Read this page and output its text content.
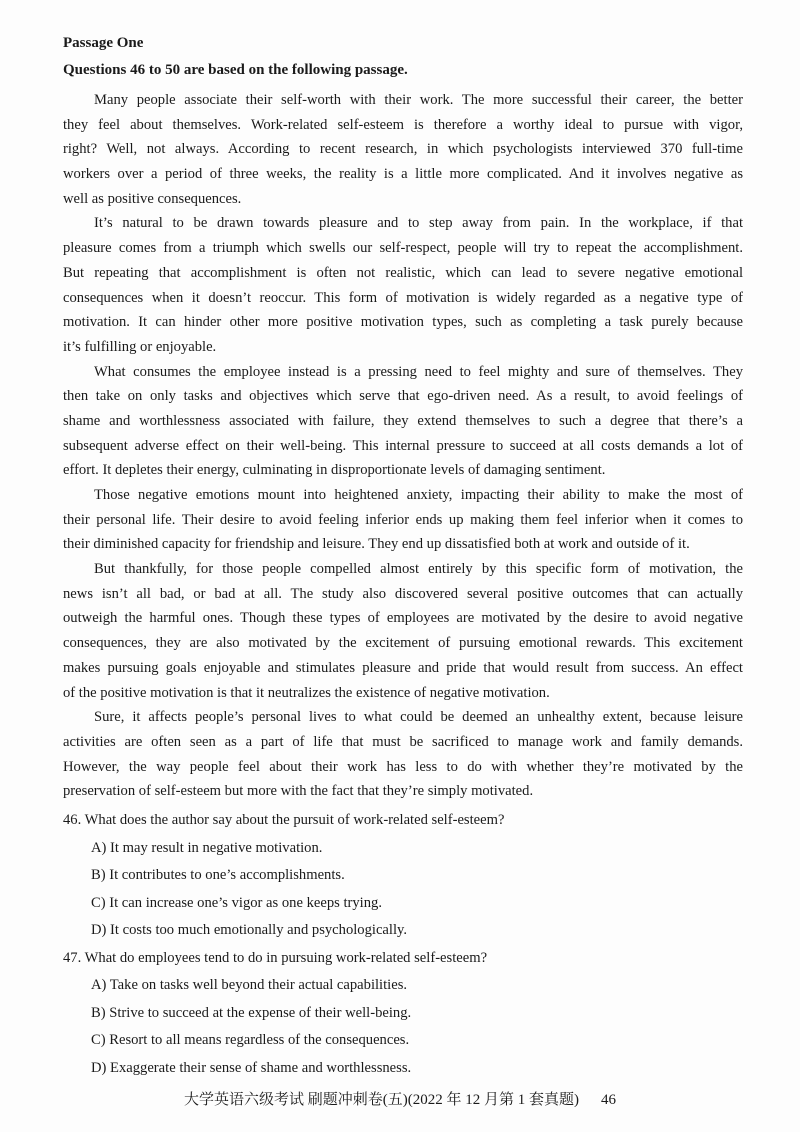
Passage One
Questions 46 to 50 are based on the following passage.
Many people associate their self-worth with their work. The more successful their career, the better
they feel about themselves. Work-related self-esteem is therefore a worthy ideal to pursue with vigor,
right? Well, not always. According to recent research, in which psychologists interviewed 370 full-time
workers over a period of three weeks, the reality is a little more complicated. And it involves negative as
well as positive consequences.
It’s natural to be drawn towards pleasure and to step away from pain. In the workplace, if that
pleasure comes from a triumph which swells our self-respect, people will try to repeat the accomplishment.
But repeating that accomplishment is often not realistic, which can lead to severe negative emotional
consequences when it doesn’t reoccur. This form of motivation is widely regarded as a negative type of
motivation. It can hinder other more positive motivation types, such as completing a task purely because
it’s fulfilling or enjoyable.
What consumes the employee instead is a pressing need to feel mighty and sure of themselves. They
then take on only tasks and objectives which serve that ego-driven need. As a result, to avoid feelings of
shame and worthlessness associated with failure, they extend themselves to such a degree that there’s a
subsequent adverse effect on their well-being. This internal pressure to succeed at all costs demands a lot of
effort. It depletes their energy, culminating in disproportionate levels of damaging sentiment.
Those negative emotions mount into heightened anxiety, impacting their ability to make the most of
their personal life. Their desire to avoid feeling inferior ends up making them feel inferior when it comes to
their diminished capacity for friendship and leisure. They end up dissatisfied both at work and outside of it.
But thankfully, for those people compelled almost entirely by this specific form of motivation, the
news isn’t all bad, or bad at all. The study also discovered several positive outcomes that can actually
outweigh the harmful ones. Though these types of employees are motivated by the desire to avoid negative
consequences, they are also motivated by the excitement of pursuing emotional rewards. This excitement
makes pursuing goals enjoyable and stimulates pleasure and pride that would result from success. An effect
of the positive motivation is that it neutralizes the existence of negative motivation.
Sure, it affects people’s personal lives to what could be deemed an unhealthy extent, because leisure
activities are often seen as a part of life that must be sacrificed to manage work and family demands.
However, the way people feel about their work has less to do with whether they’re motivated by the
preservation of self-esteem but more with the fact that they’re simply motivated.
46. What does the author say about the pursuit of work-related self-esteem?
A) It may result in negative motivation.
B) It contributes to one’s accomplishments.
C) It can increase one’s vigor as one keeps trying.
D) It costs too much emotionally and psychologically.
47. What do employees tend to do in pursuing work-related self-esteem?
A) Take on tasks well beyond their actual capabilities.
B) Strive to succeed at the expense of their well-being.
C) Resort to all means regardless of the consequences.
D) Exaggerate their sense of shame and worthlessness.
大学英语六级考试 刷题冲刺卷(五)(2022 年 12 月第 1 套真题) 46
